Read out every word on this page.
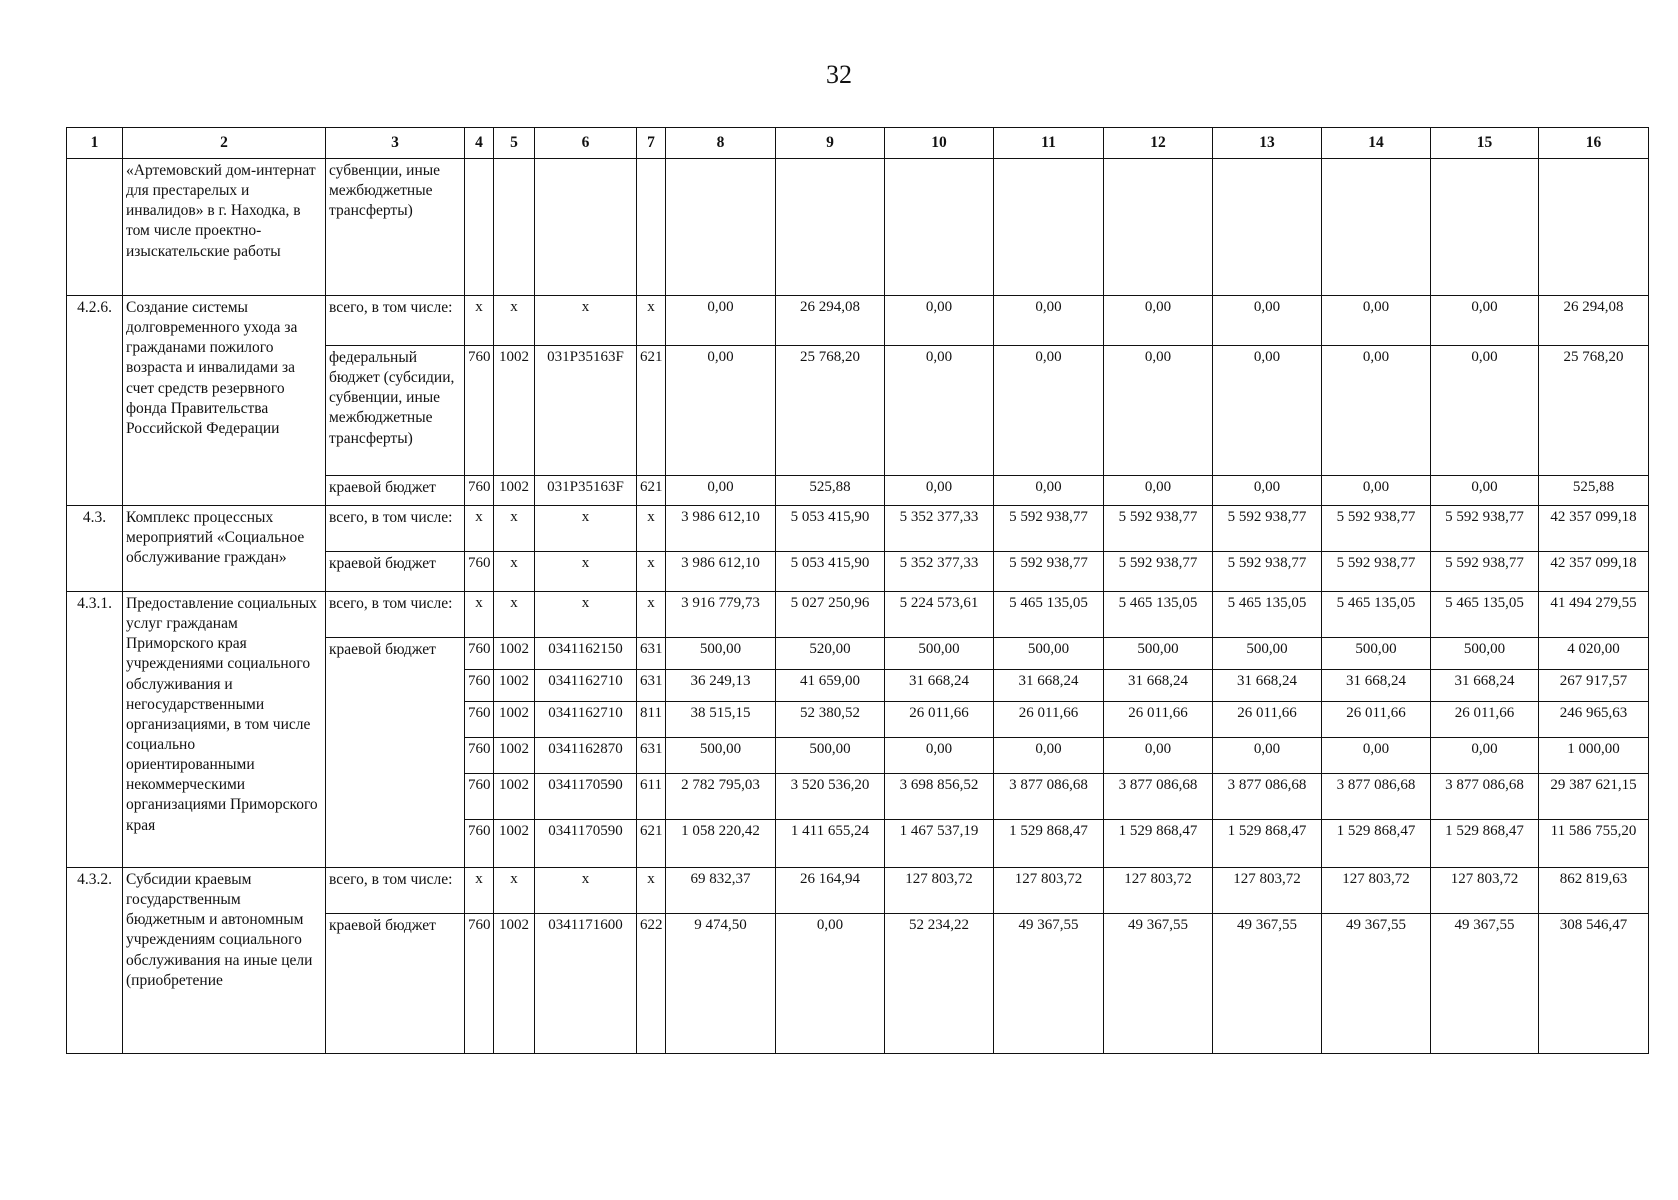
32
1	2	3	4	5	6	7	8	9	10	11	12	13	14	15	16
	«Артемовский дом-интернат для престарелых и инвалидов» в г. Находка, в том числе проектно-изыскательские работы	субвенции, иные межбюджетные трансферты)													
4.2.6.	Создание системы долговременного ухода за гражданами пожилого возраста и инвалидами за счет средств резервного фонда Правительства Российской Федерации	всего, в том числе:	x	x	x	x	0,00	26 294,08	0,00	0,00	0,00	0,00	0,00	0,00	26 294,08
		федеральный бюджет (субсидии, субвенции, иные межбюджетные трансферты)	760	1002	031P35163F	621	0,00	25 768,20	0,00	0,00	0,00	0,00	0,00	0,00	25 768,20
		краевой бюджет	760	1002	031P35163F	621	0,00	525,88	0,00	0,00	0,00	0,00	0,00	0,00	525,88
4.3.	Комплекс процессных мероприятий «Социальное обслуживание граждан»	всего, в том числе:	x	x	x	x	3 986 612,10	5 053 415,90	5 352 377,33	5 592 938,77	5 592 938,77	5 592 938,77	5 592 938,77	5 592 938,77	42 357 099,18
		краевой бюджет	760	x	x	x	3 986 612,10	5 053 415,90	5 352 377,33	5 592 938,77	5 592 938,77	5 592 938,77	5 592 938,77	5 592 938,77	42 357 099,18
4.3.1.	Предоставление социальных услуг гражданам Приморского края учреждениями социального обслуживания и негосударственными организациями, в том числе социально ориентированными некоммерческими организациями Приморского края	всего, в том числе:	x	x	x	x	3 916 779,73	5 027 250,96	5 224 573,61	5 465 135,05	5 465 135,05	5 465 135,05	5 465 135,05	5 465 135,05	41 494 279,55
		краевой бюджет	760	1002	0341162150	631	500,00	520,00	500,00	500,00	500,00	500,00	500,00	500,00	4 020,00
			760	1002	0341162710	631	36 249,13	41 659,00	31 668,24	31 668,24	31 668,24	31 668,24	31 668,24	31 668,24	267 917,57
			760	1002	0341162710	811	38 515,15	52 380,52	26 011,66	26 011,66	26 011,66	26 011,66	26 011,66	26 011,66	246 965,63
			760	1002	0341162870	631	500,00	500,00	0,00	0,00	0,00	0,00	0,00	0,00	1 000,00
			760	1002	0341170590	611	2 782 795,03	3 520 536,20	3 698 856,52	3 877 086,68	3 877 086,68	3 877 086,68	3 877 086,68	3 877 086,68	29 387 621,15
			760	1002	0341170590	621	1 058 220,42	1 411 655,24	1 467 537,19	1 529 868,47	1 529 868,47	1 529 868,47	1 529 868,47	1 529 868,47	11 586 755,20
4.3.2.	Субсидии краевым государственным бюджетным и автономным учреждениям социального обслуживания на иные цели (приобретение	всего, в том числе:	x	x	x	x	69 832,37	26 164,94	127 803,72	127 803,72	127 803,72	127 803,72	127 803,72	127 803,72	862 819,63
		краевой бюджет	760	1002	0341171600	622	9 474,50	0,00	52 234,22	49 367,55	49 367,55	49 367,55	49 367,55	49 367,55	308 546,47
